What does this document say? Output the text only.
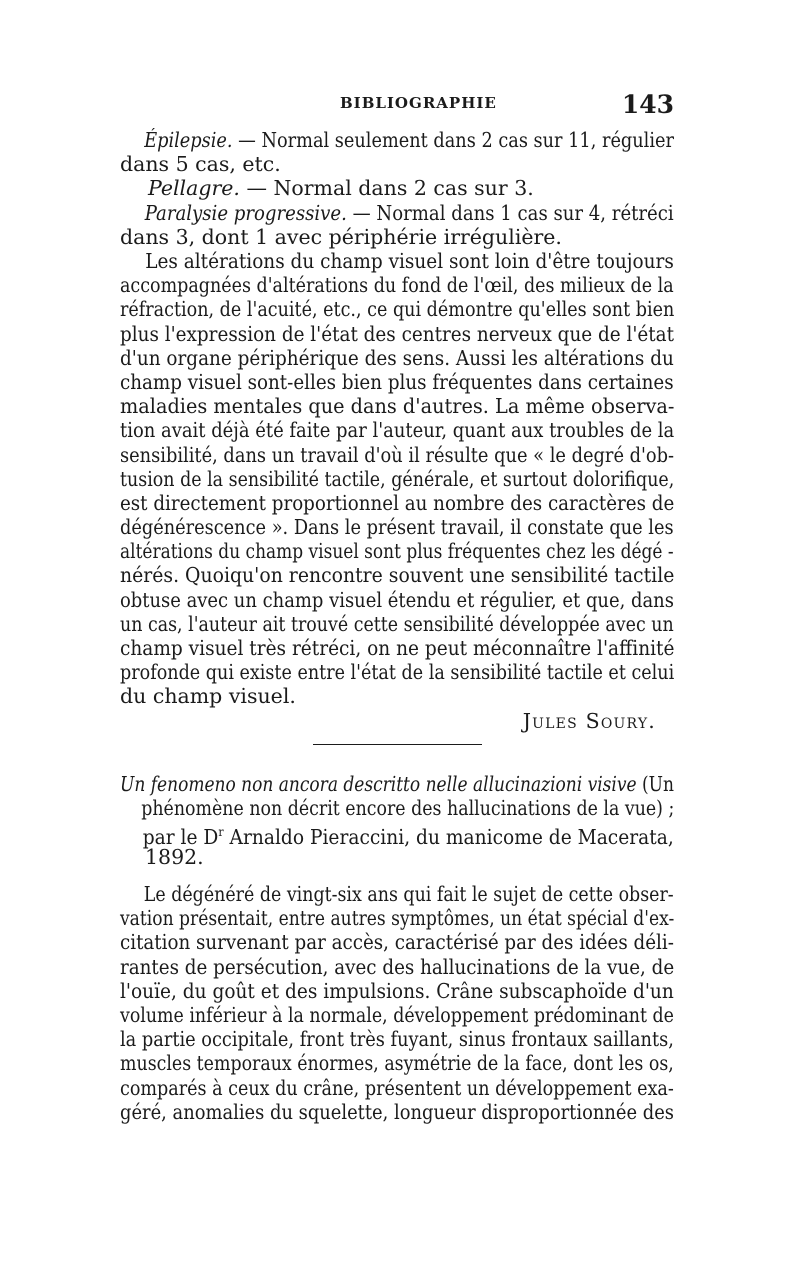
BIBLIOGRAPHIE	143
Épilepsie. — Normal seulement dans 2 cas sur 11, régulier
dans 5 cas, etc.
Pellagre. — Normal dans 2 cas sur 3.
Paralysie progressive. — Normal dans 1 cas sur 4, rétréci
dans 3, dont 1 avec périphérie irrégulière.
Les altérations du champ visuel sont loin d'être toujours
accompagnées d'altérations du fond de l'œil, des milieux de la
réfraction, de l'acuité, etc., ce qui démontre qu'elles sont bien
plus l'expression de l'état des centres nerveux que de l'état
d'un organe périphérique des sens. Aussi les altérations du
champ visuel sont-elles bien plus fréquentes dans certaines
maladies mentales que dans d'autres. La même observa-
tion avait déjà été faite par l'auteur, quant aux troubles de la
sensibilité, dans un travail d'où il résulte que « le degré d'ob-
tusion de la sensibilité tactile, générale, et surtout dolorifique,
est directement proportionnel au nombre des caractères de
dégénérescence ». Dans le présent travail, il constate que les
altérations du champ visuel sont plus fréquentes chez les dégé -
nérés. Quoiqu'on rencontre souvent une sensibilité tactile
obtuse avec un champ visuel étendu et régulier, et que, dans
un cas, l'auteur ait trouvé cette sensibilité développée avec un
champ visuel très rétréci, on ne peut méconnaître l'affinité
profonde qui existe entre l'état de la sensibilité tactile et celui
du champ visuel.
Jules Soury.
Un fenomeno non ancora descritto nelle allucinazioni visive (Un
phénomène non décrit encore des hallucinations de la vue) ;
par le $D^r$ Arnaldo Pieraccini, du manicome de Macerata,
1892.
Le dégénéré de vingt-six ans qui fait le sujet de cette obser-
vation présentait, entre autres symptômes, un état spécial d'ex-
citation survenant par accès, caractérisé par des idées déli-
rantes de persécution, avec des hallucinations de la vue, de
l'ouïe, du goût et des impulsions. Crâne subscaphoïde d'un
volume inférieur à la normale, développement prédominant de
la partie occipitale, front très fuyant, sinus frontaux saillants,
muscles temporaux énormes, asymétrie de la face, dont les os,
comparés à ceux du crâne, présentent un développement exa-
géré, anomalies du squelette, longueur disproportionnée des
